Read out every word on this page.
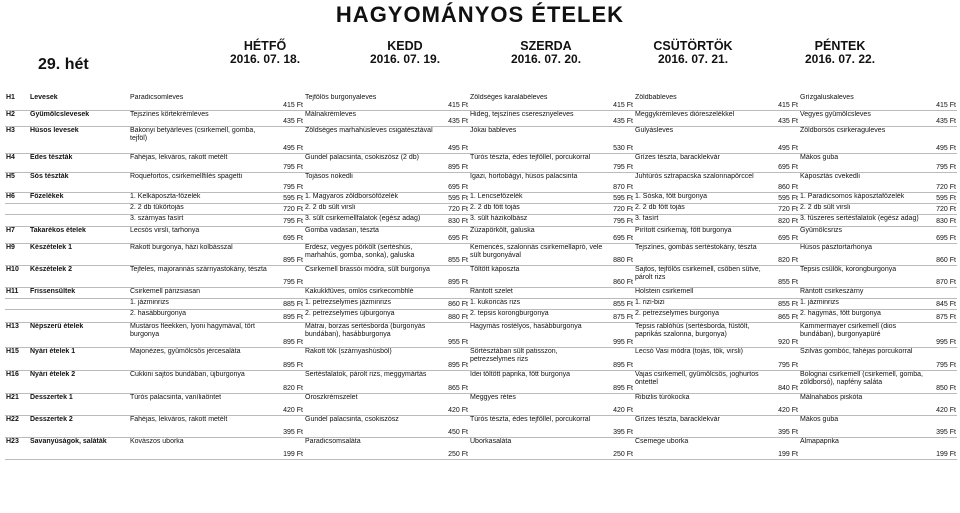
HAGYOMÁNYOS ÉTELEK
29. hét
HÉTFŐ
2016. 07. 18.
KEDD
2016. 07. 19.
SZERDA
2016. 07. 20.
CSÜTÖRTÖK
2016. 07. 21.
PÉNTEK
2016. 07. 22.
H1	Levesek	Paradicsomleves	415 Ft	Tejfölös burgonyaleves	415 Ft	Zöldséges karalábéleves	415 Ft	Zöldbableves	415 Ft	Grízgaluskaleves	415 Ft
H2	Gyümölcslevesek	Tejszínes körtekrémleves	435 Ft	Málnakrémleves	435 Ft	Hideg, tejszínes cseresznyeleves	435 Ft	Meggykrémleves dióreszelékkel	435 Ft	Vegyes gyümölcsleves	435 Ft
H3	Húsos levesek	Bakonyi betyárleves (csirkemell, gomba, tejföl)	495 Ft	Zöldséges marhahúsleves csigatésztával	495 Ft	Jókai bableves	530 Ft	Gulyásleves	495 Ft	Zöldborsós csirkeraguleves	495 Ft
H4	Édes tészták	Fahéjas, lekváros, rakott metélt	795 Ft	Gundel palacsinta, csokiszósz (2 db)	895 Ft	Túrós tészta, édes tejföllel, porcukorral	795 Ft	Grízes tészta, baracklekvár	695 Ft	Mákos guba	795 Ft
H5	Sós tészták	Roquefortos, csirkemellfilés spagetti	795 Ft	Tojásos nokedli	695 Ft	Igazi, hortobágyi, húsos palacsinta	870 Ft	Juhtúrós sztrapacska szalonnapörccel	860 Ft	Káposztás cvekedli	720 Ft
H6	Főzelékek	1. Kelkáposzta-főzelék	595 Ft	1. Magyaros zöldborsófőzelék	595 Ft	1. Lencsefőzelék	595 Ft	1. Sóska, főtt burgonya	595 Ft	1. Paradicsomos káposztafőzelék	595 Ft
		2. 2 db tükörtojás	720 Ft	2. 2 db sült virsli	720 Ft	2. 2 db főtt tojás	720 Ft	2. 2 db főtt tojás	720 Ft	2. 2 db sült virsli	720 Ft
		3. szárnyas fasírt	795 Ft	3. sült csirkemellfalatok (egész adag)	830 Ft	3. sült házikolbász	795 Ft	3. fasírt	820 Ft	3. fűszeres sertésfalatok (egész adag)	830 Ft
H7	Takarékos ételek	Lecsós virsli, tarhonya	695 Ft	Gomba vadasan, tészta	695 Ft	Zúzapörkölt, galuska	695 Ft	Pirított csirkemáj, főtt burgonya	695 Ft	Gyümölcsrizs	695 Ft
H9	Készételek 1	Rakott burgonya, házi kolbásszal	895 Ft	Erdész, vegyes pörkölt (sertéshús, marhahús, gomba, sonka), galuska	855 Ft	Kemencés, szalonnás csirkemellapró, vele sült burgonyával	880 Ft	Tejszínes, gombás sertéstokány, tészta	820 Ft	Húsos pásztortarhonya	860 Ft
H10	Készételek 2	Tejfeles, majorannás szárnyastokány, tészta	795 Ft	Csirkemell brassói módra, sült burgonya	895 Ft	Töltött káposzta	860 Ft	Sajtos, tejfölös csirkemell, csőben sütve, párolt rizs	855 Ft	Tepsis csülök, korongburgonya	870 Ft
H11	Frissensültek	Csirkemell párizsiasan		Kakukkfüves, omlós csirkecombfilé		Rántott szelet		Holstein csirkemell		Rántott csirkeszárny	
		1. jázminrizs	885 Ft	1. petrezselymes jázminrizs	860 Ft	1. kukoricás rizs	855 Ft	1. rizi-bizi	855 Ft	1. jázminrizs	845 Ft
		2. hasábburgonya	895 Ft	2. petrezselymes újburgonya	880 Ft	2. tepsis korongburgonya	875 Ft	2. petrezselymes burgonya	865 Ft	2. hagymás, főtt burgonya	875 Ft
H13	Népszerű ételek	Mustáros fleekken, lyoni hagymával, tört burgonya	895 Ft	Mátrai, borzas sertésborda (burgonyás bundában), hasábburgonya	955 Ft	Hagymás rostélyos, hasábburgonya	995 Ft	Tepsis rablóhús (sertésborda, füstölt, paprikás szalonna, burgonya)	920 Ft	Kammermayer csirkemell (dios bundában), burgonyapüré	995 Ft
H15	Nyári ételek 1	Majonézes, gyümölcsös jércesaláta	895 Ft	Rakott tök (szárnyashúsból)	895 Ft	Sörtésztában sült patisszon, petrezselymes rizs	895 Ft	Lecsó Vasi módra (tojás, tök, virsli)	795 Ft	Szilvás gombóc, fahéjas porcukorral	795 Ft
H16	Nyári ételek 2	Cukkini sajtos bundában, újburgonya	820 Ft	Sertésfalatok, párolt rizs, meggymártás	865 Ft	Idei töltött paprika, főtt burgonya	895 Ft	Vajas csirkemell, gyümölcsös, joghurtos öntettel	840 Ft	Bolognai csirkemell (csirkemell, gomba, zöldborsó), napfény saláta	850 Ft
H21	Desszertek 1	Túrós palacsinta, vaníliaöntet	420 Ft	Oroszkrémszelet	420 Ft	Meggyes rétes	420 Ft	Ribizlis túrókocka	420 Ft	Málnahabos piskóta	420 Ft
H22	Desszertek 2	Fahéjas, lekváros, rakott metélt	395 Ft	Gundel palacsinta, csokiszósz	450 Ft	Túrós tészta, édes tejföllel, porcukorral	395 Ft	Grízes tészta, baracklekvár	395 Ft	Mákos guba	395 Ft
H23	Savanyúságok, saláták	Kovászos uborka	199 Ft	Paradicsomsaláta	250 Ft	Uborkasaláta	250 Ft	Csemege uborka	199 Ft	Almapaprika	199 Ft
